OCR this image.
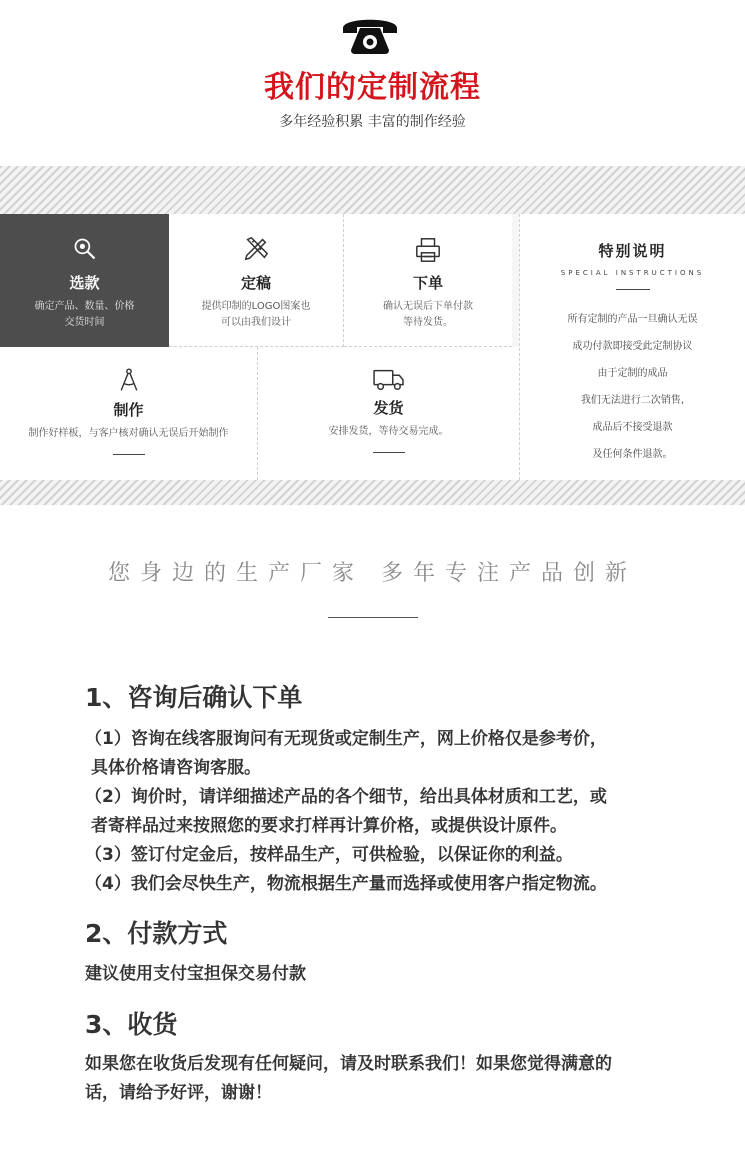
我们的定制流程
多年经验积累 丰富的制作经验
选款
确定产品、数量、价格
交货时间
定稿
提供印制的LOGO图案也
可以由我们设计
下单
确认无误后下单付款
等待发货。
制作
制作好样板，与客户核对确认无误后开始制作
发货
安排发货，等待交易完成。
特别说明
SPECIAL INSTRUCTIONS
所有定制的产品一旦确认无误
成功付款即接受此定制协议
由于定制的成品
我们无法进行二次销售,
成品后不接受退款
及任何条件退款。
您身边的生产厂家 多年专注产品创新
1、咨询后确认下单
（1）咨询在线客服询问有无现货或定制生产，网上价格仅是参考价，
具体价格请咨询客服。
（2）询价时，请详细描述产品的各个细节，给出具体材质和工艺，或
者寄样品过来按照您的要求打样再计算价格，或提供设计原件。
（3）签订付定金后，按样品生产，可供检验，以保证你的利益。
（4）我们会尽快生产，物流根据生产量而选择或使用客户指定物流。
2、付款方式
建议使用支付宝担保交易付款
3、收货
如果您在收货后发现有任何疑问，请及时联系我们！如果您觉得满意的
话，请给予好评，谢谢！
